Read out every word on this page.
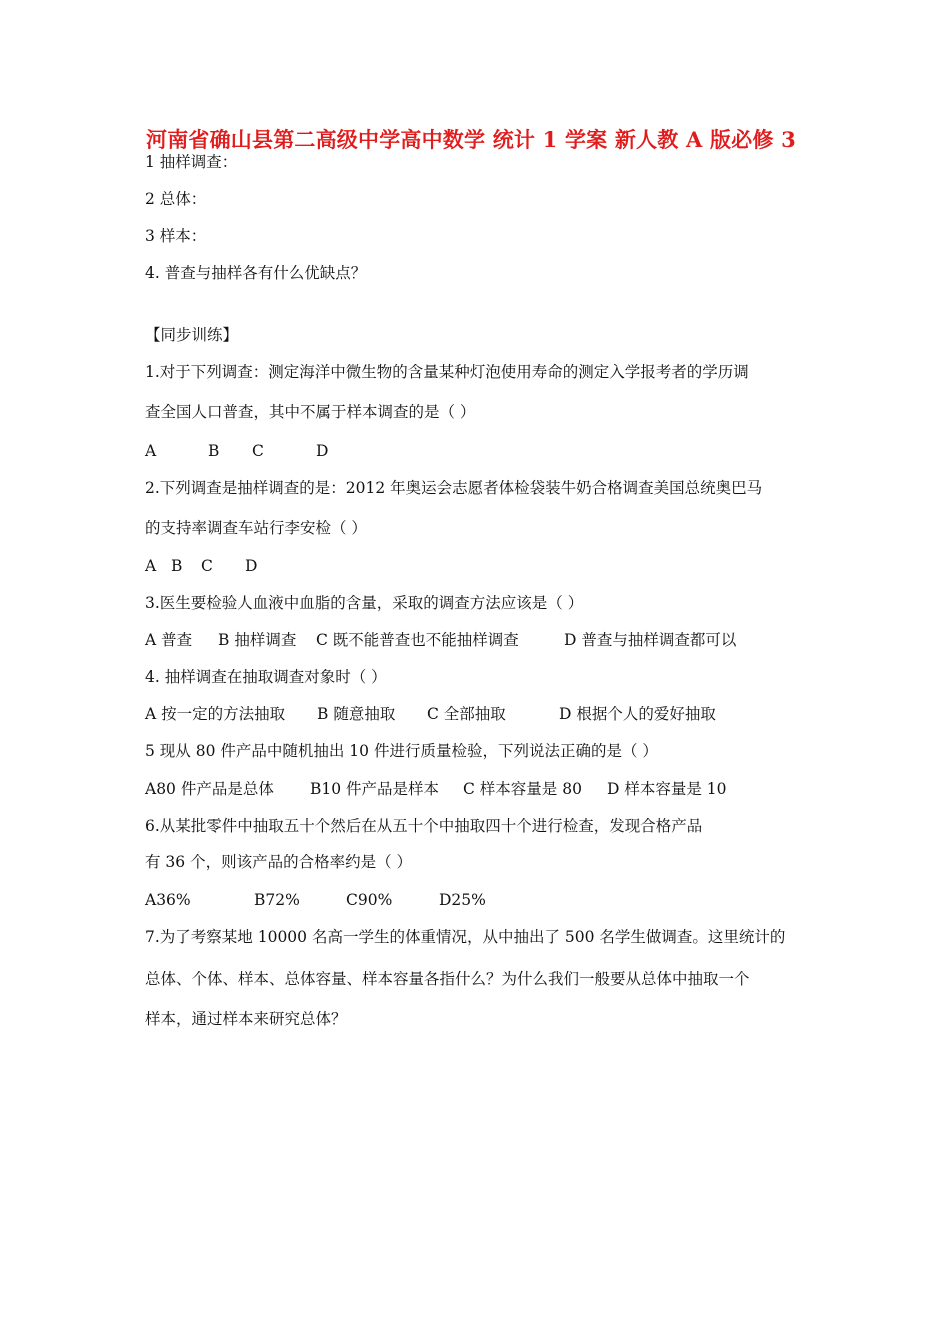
河南省确山县第二高级中学高中数学 统计 1 学案 新人教 A 版必修 3
1 抽样调查：
2 总体：
3 样本：
4. 普查与抽样各有什么优缺点？
【同步训练】
1.对于下列调查：测定海洋中微生物的含量某种灯泡使用寿命的测定入学报考者的学历调
查全国人口普查，其中不属于样本调查的是（ ）
A	B C	D
2.下列调查是抽样调查的是：2012 年奥运会志愿者体检袋装牛奶合格调查美国总统奥巴马
的支持率调查车站行李安检（ ）
A B C D
3.医生要检验人血液中血脂的含量，采取的调查方法应该是（ ）
A 普查 B 抽样调查 C 既不能普查也不能抽样调查	D 普查与抽样调查都可以
4. 抽样调查在抽取调查对象时（ ）
A 按一定的方法抽取 B 随意抽取 C 全部抽取	D 根据个人的爱好抽取
5 现从 80 件产品中随机抽出 10 件进行质量检验，下列说法正确的是（ ）
A80 件产品是总体 B10 件产品是样本 C 样本容量是 80 D 样本容量是 10
6.从某批零件中抽取五十个然后在从五十个中抽取四十个进行检查，发现合格产品
有 36 个，则该产品的合格率约是（ ）
A36%	B72%	C90%	D25%
7.为了考察某地 10000 名高一学生的体重情况，从中抽出了 500 名学生做调查。这里统计的
总体、个体、样本、总体容量、样本容量各指什么？为什么我们一般要从总体中抽取一个
样本，通过样本来研究总体？
